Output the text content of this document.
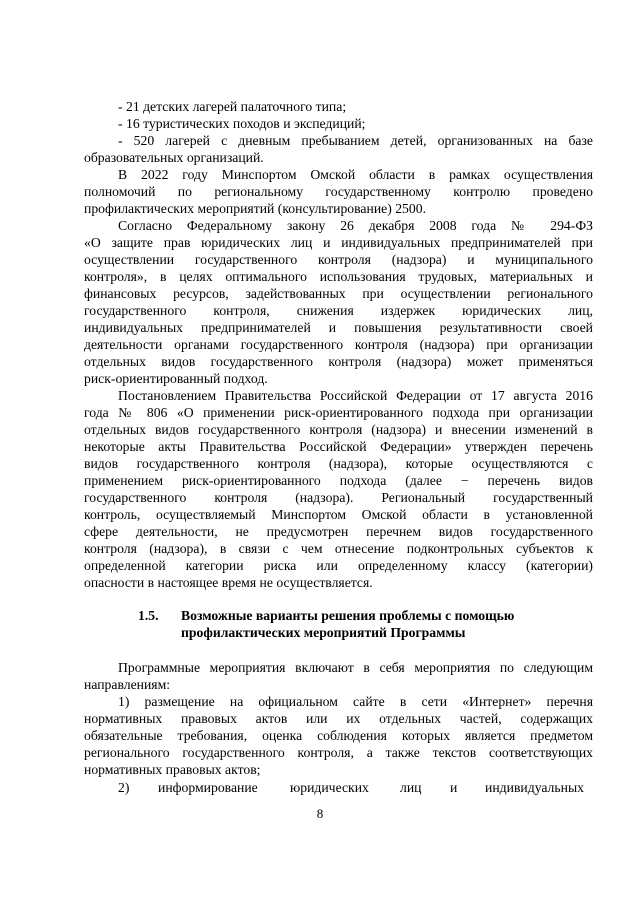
- 21 детских лагерей палаточного типа;
- 16 туристических походов и экспедиций;
- 520 лагерей с дневным пребыванием детей, организованных на базе
образовательных организаций.
В 2022 году Минспортом Омской области в рамках осуществления
полномочий по региональному государственному контролю проведено
профилактических мероприятий (консультирование) 2500.
Согласно Федеральному закону 26 декабря 2008 года № 294-ФЗ
«О защите прав юридических лиц и индивидуальных предпринимателей при
осуществлении государственного контроля (надзора) и муниципального
контроля», в целях оптимального использования трудовых, материальных и
финансовых ресурсов, задействованных при осуществлении регионального
государственного контроля, снижения издержек юридических лиц,
индивидуальных предпринимателей и повышения результативности своей
деятельности органами государственного контроля (надзора) при организации
отдельных видов государственного контроля (надзора) может применяться
риск-ориентированный подход.
Постановлением Правительства Российской Федерации от 17 августа 2016
года № 806 «О применении риск-ориентированного подхода при организации
отдельных видов государственного контроля (надзора) и внесении изменений в
некоторые акты Правительства Российской Федерации» утвержден перечень
видов государственного контроля (надзора), которые осуществляются с
применением риск-ориентированного подхода (далее − перечень видов
государственного контроля (надзора). Региональный государственный
контроль, осуществляемый Минспортом Омской области в установленной
сфере деятельности, не предусмотрен перечнем видов государственного
контроля (надзора), в связи с чем отнесение подконтрольных субъектов к
определенной категории риска или определенному классу (категории)
опасности в настоящее время не осуществляется.
1.5. Возможные варианты решения проблемы с помощью
профилактических мероприятий Программы
Программные мероприятия включают в себя мероприятия по следующим
направлениям:
1) размещение на официальном сайте в сети «Интернет» перечня
нормативных правовых актов или их отдельных частей, содержащих
обязательные требования, оценка соблюдения которых является предметом
регионального государственного контроля, а также текстов соответствующих
нормативных правовых актов;
2) информирование юридических лиц и индивидуальных
8
